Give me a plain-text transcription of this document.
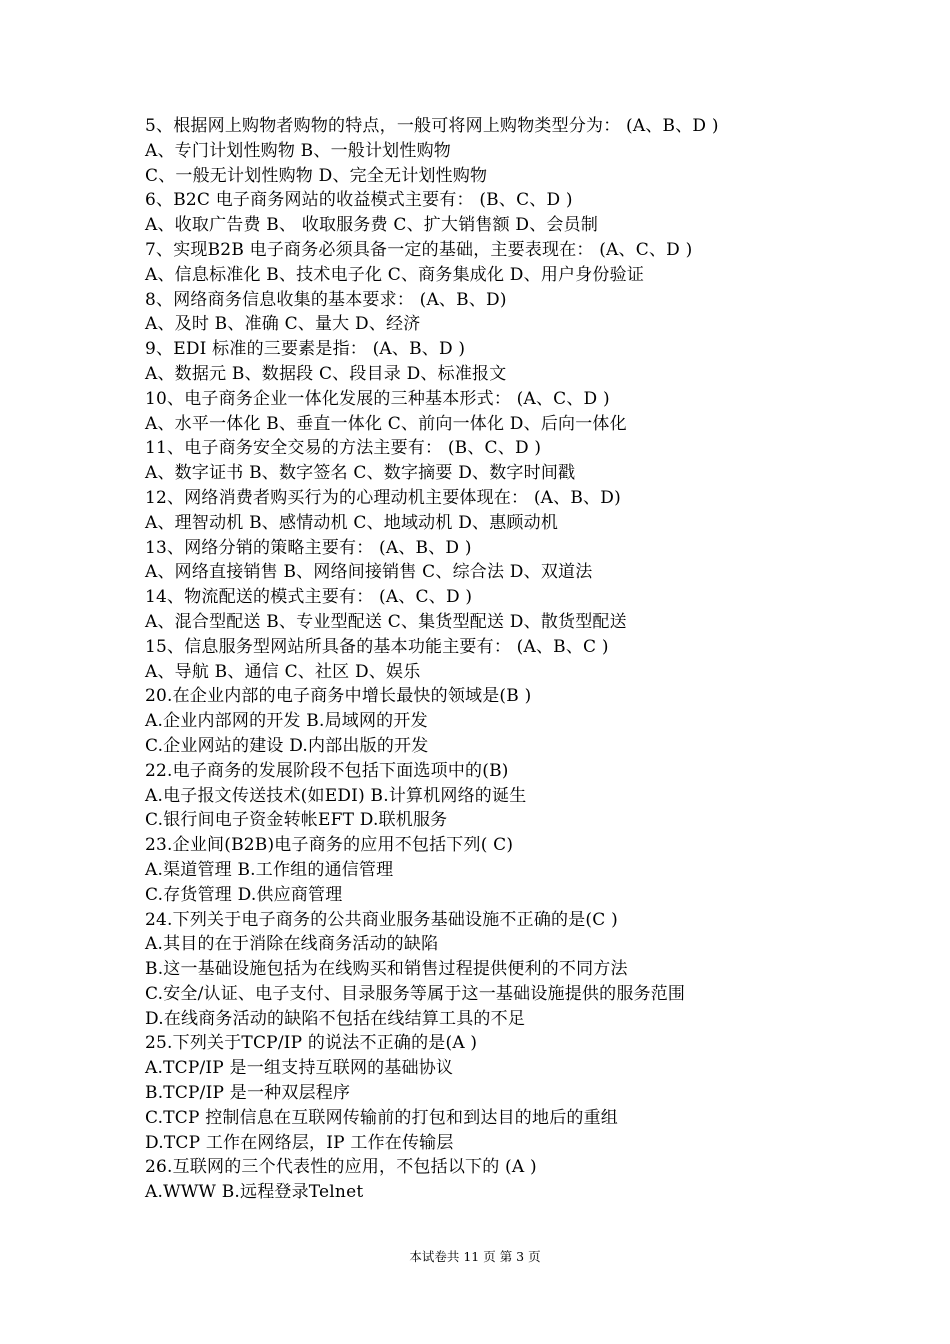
5、根据网上购物者购物的特点，一般可将网上购物类型分为： (A、B、D )
A、专门计划性购物 B、一般计划性购物
C、一般无计划性购物 D、完全无计划性购物
6、B2C 电子商务网站的收益模式主要有： (B、C、D )
A、收取广告费 B、 收取服务费 C、扩大销售额 D、会员制
7、实现B2B 电子商务必须具备一定的基础，主要表现在： (A、C、D )
A、信息标准化 B、技术电子化 C、商务集成化 D、用户身份验证
8、网络商务信息收集的基本要求： (A、B、D)
A、及时 B、准确 C、量大 D、经济
9、EDI 标准的三要素是指： (A、B、D )
A、数据元 B、数据段 C、段目录 D、标准报文
10、电子商务企业一体化发展的三种基本形式： (A、C、D )
A、水平一体化 B、垂直一体化 C、前向一体化 D、后向一体化
11、电子商务安全交易的方法主要有： (B、C、D )
A、数字证书 B、数字签名 C、数字摘要 D、数字时间戳
12、网络消费者购买行为的心理动机主要体现在： (A、B、D)
A、理智动机 B、感情动机 C、地域动机 D、惠顾动机
13、网络分销的策略主要有： (A、B、D )
A、网络直接销售 B、网络间接销售 C、综合法 D、双道法
14、物流配送的模式主要有： (A、C、D )
A、混合型配送 B、专业型配送 C、集货型配送 D、散货型配送
15、信息服务型网站所具备的基本功能主要有： (A、B、C )
A、导航 B、通信 C、社区 D、娱乐
20.在企业内部的电子商务中增长最快的领域是(B )
A.企业内部网的开发 B.局域网的开发
C.企业网站的建设 D.内部出版的开发
22.电子商务的发展阶段不包括下面选项中的(B)
A.电子报文传送技术(如EDI) B.计算机网络的诞生
C.银行间电子资金转帐EFT D.联机服务
23.企业间(B2B)电子商务的应用不包括下列( C)
A.渠道管理 B.工作组的通信管理
C.存货管理 D.供应商管理
24.下列关于电子商务的公共商业服务基础设施不正确的是(C )
A.其目的在于消除在线商务活动的缺陷
B.这一基础设施包括为在线购买和销售过程提供便利的不同方法
C.安全/认证、电子支付、目录服务等属于这一基础设施提供的服务范围
D.在线商务活动的缺陷不包括在线结算工具的不足
25.下列关于TCP/IP 的说法不正确的是(A )
A.TCP/IP 是一组支持互联网的基础协议
B.TCP/IP 是一种双层程序
C.TCP 控制信息在互联网传输前的打包和到达目的地后的重组
D.TCP 工作在网络层，IP 工作在传输层
26.互联网的三个代表性的应用，不包括以下的 (A )
A.WWW B.远程登录Telnet
本试卷共 11 页 第 3 页
